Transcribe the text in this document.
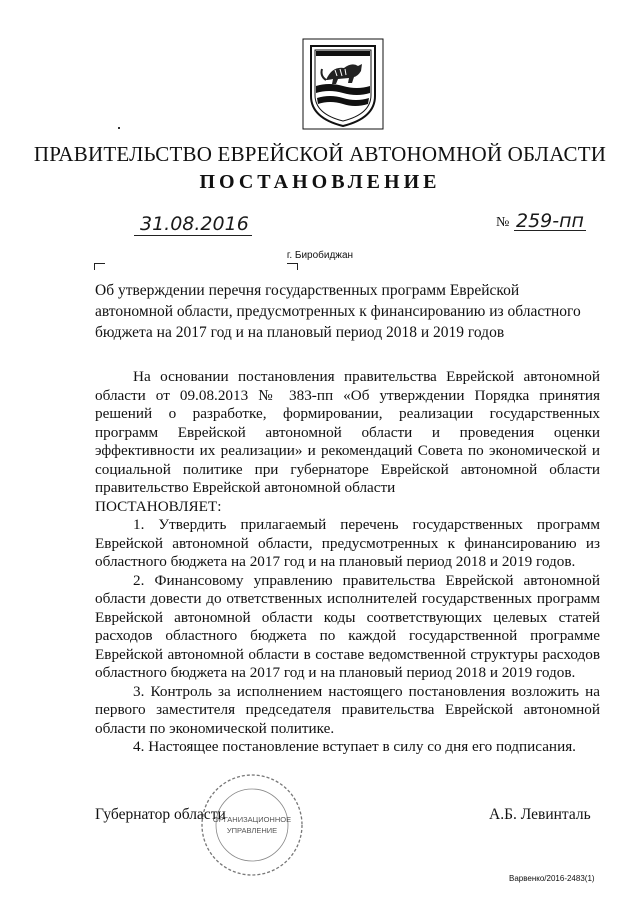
ПРАВИТЕЛЬСТВО ЕВРЕЙСКОЙ АВТОНОМНОЙ ОБЛАСТИ
ПОСТАНОВЛЕНИЕ
31.08.2016	№ 259-пп
г. Биробиджан
Об утверждении перечня государственных программ Еврейской автономной области, предусмотренных к финансированию из областного бюджета на 2017 год и на плановый период 2018 и 2019 годов

На основании постановления правительства Еврейской автономной области от 09.08.2013 № 383-пп «Об утверждении Порядка принятия решений о разработке, формировании, реализации государственных программ Еврейской автономной области и проведения оценки эффективности их реализации» и рекомендаций Совета по экономической и социальной политике при губернаторе Еврейской автономной области правительство Еврейской автономной области

ПОСТАНОВЛЯЕТ:

1. Утвердить прилагаемый перечень государственных программ Еврейской автономной области, предусмотренных к финансированию из областного бюджета на 2017 год и на плановый период 2018 и 2019 годов.

2. Финансовому управлению правительства Еврейской автономной области довести до ответственных исполнителей государственных программ Еврейской автономной области коды соответствующих целевых статей расходов областного бюджета по каждой государственной программе Еврейской автономной области в составе ведомственной структуры расходов областного бюджета на 2017 год и на плановый период 2018 и 2019 годов.

3. Контроль за исполнением настоящего постановления возложить на первого заместителя председателя правительства Еврейской автономной области по экономической политике.

4. Настоящее постановление вступает в силу со дня его подписания.

ОРГАНИЗАЦИОННОЕ
УПРАВЛЕНИЕ
Губернатор области	А.Б. Левинталь
Варвенко/2016-2483(1)
